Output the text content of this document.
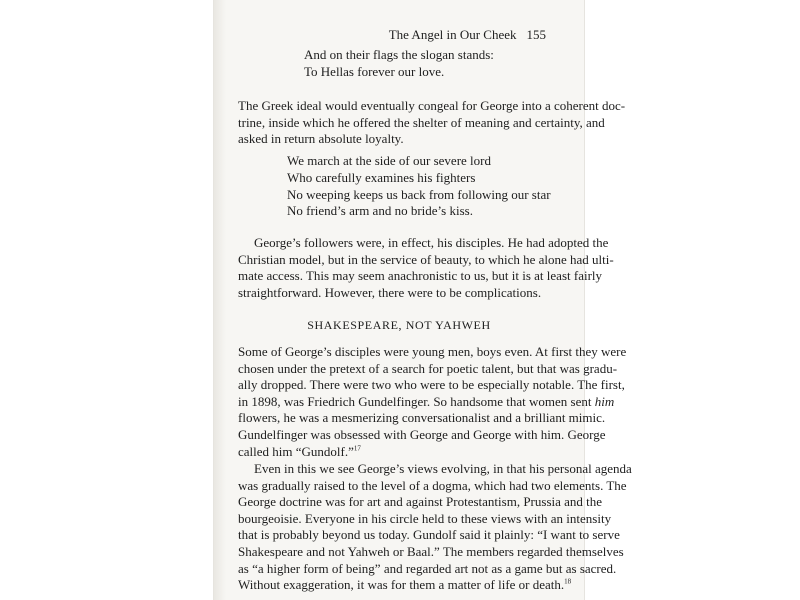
The Angel in Our Cheek 155
And on their flags the slogan stands:
To Hellas forever our love.
The Greek ideal would eventually congeal for George into a coherent doc-
trine, inside which he offered the shelter of meaning and certainty, and
asked in return absolute loyalty.
We march at the side of our severe lord
Who carefully examines his fighters
No weeping keeps us back from following our star
No friend’s arm and no bride’s kiss.
George’s followers were, in effect, his disciples. He had adopted the
Christian model, but in the service of beauty, to which he alone had ulti-
mate access. This may seem anachronistic to us, but it is at least fairly
straightforward. However, there were to be complications.
SHAKESPEARE, NOT YAHWEH
Some of George’s disciples were young men, boys even. At first they were
chosen under the pretext of a search for poetic talent, but that was gradu-
ally dropped. There were two who were to be especially notable. The first,
in 1898, was Friedrich Gundelfinger. So handsome that women sent him
flowers, he was a mesmerizing conversationalist and a brilliant mimic.
Gundelfinger was obsessed with George and George with him. George
called him “Gundolf.”$^{17}$
Even in this we see George’s views evolving, in that his personal agenda
was gradually raised to the level of a dogma, which had two elements. The
George doctrine was for art and against Protestantism, Prussia and the
bourgeoisie. Everyone in his circle held to these views with an intensity
that is probably beyond us today. Gundolf said it plainly: “I want to serve
Shakespeare and not Yahweh or Baal.” The members regarded themselves
as “a higher form of being” and regarded art not as a game but as sacred.
Without exaggeration, it was for them a matter of life or death.$^{18}$
